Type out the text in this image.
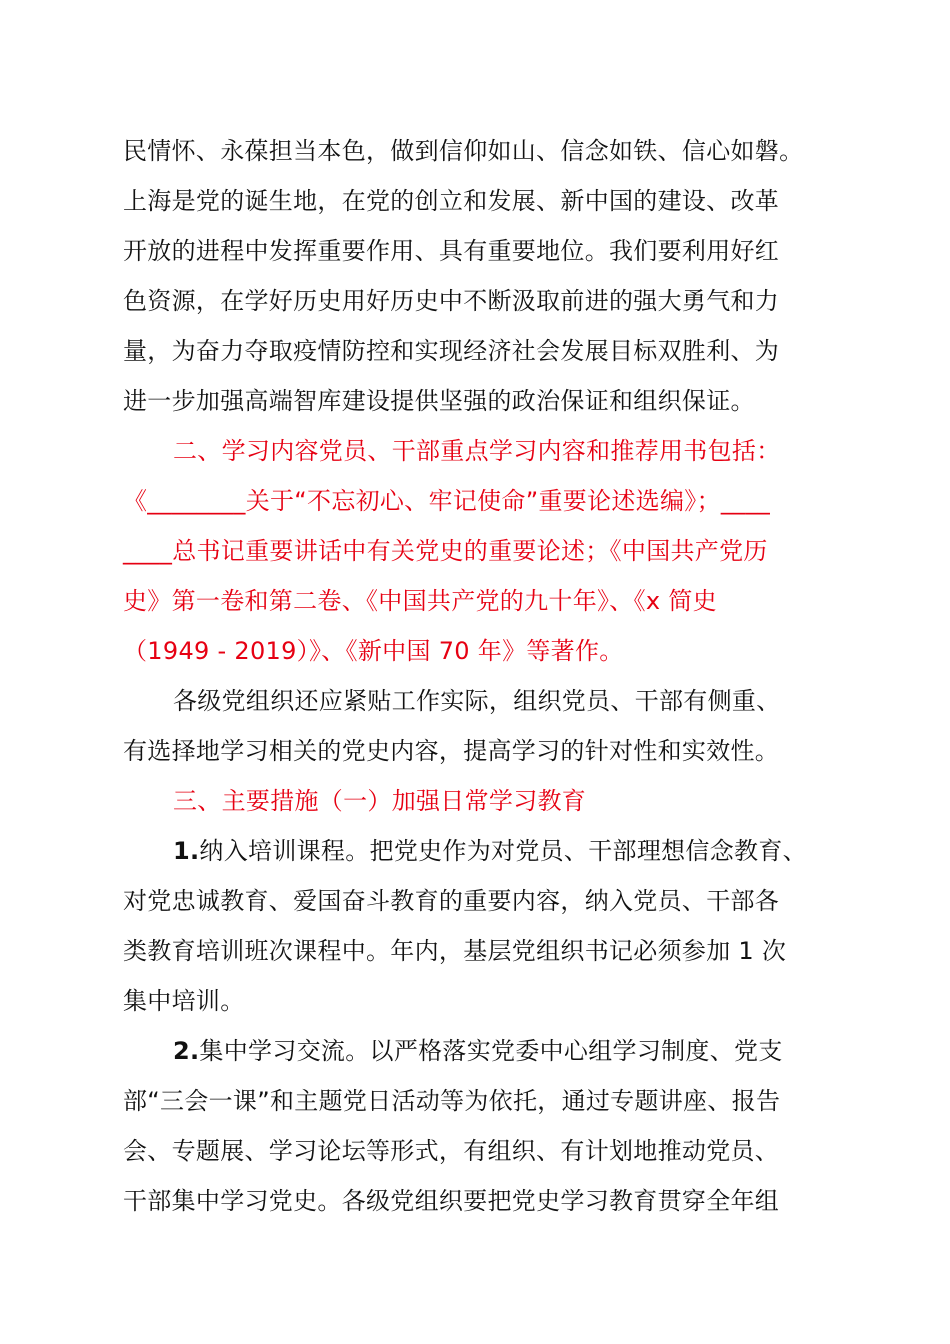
民情怀、永葆担当本色，做到信仰如山、信念如铁、信心如磐。
上海是党的诞生地，在党的创立和发展、新中国的建设、改革
开放的进程中发挥重要作用、具有重要地位。我们要利用好红
色资源，在学好历史用好历史中不断汲取前进的强大勇气和力
量，为奋力夺取疫情防控和实现经济社会发展目标双胜利、为
进一步加强高端智库建设提供坚强的政治保证和组织保证。
二、学习内容党员、干部重点学习内容和推荐用书包括：
《________关于“不忘初心、牢记使命”重要论述选编》；____
____总书记重要讲话中有关党史的重要论述；《中国共产党历
史》第一卷和第二卷、《中国共产党的九十年》、《x 简史
（1949 - 2019）》、《新中国 70 年》等著作。
各级党组织还应紧贴工作实际，组织党员、干部有侧重、
有选择地学习相关的党史内容，提高学习的针对性和实效性。
三、主要措施（一）加强日常学习教育
1.纳入培训课程。把党史作为对党员、干部理想信念教育、
对党忠诚教育、爱国奋斗教育的重要内容，纳入党员、干部各
类教育培训班次课程中。年内，基层党组织书记必须参加 1 次
集中培训。
2.集中学习交流。以严格落实党委中心组学习制度、党支
部“三会一课”和主题党日活动等为依托，通过专题讲座、报告
会、专题展、学习论坛等形式，有组织、有计划地推动党员、
干部集中学习党史。各级党组织要把党史学习教育贯穿全年组
